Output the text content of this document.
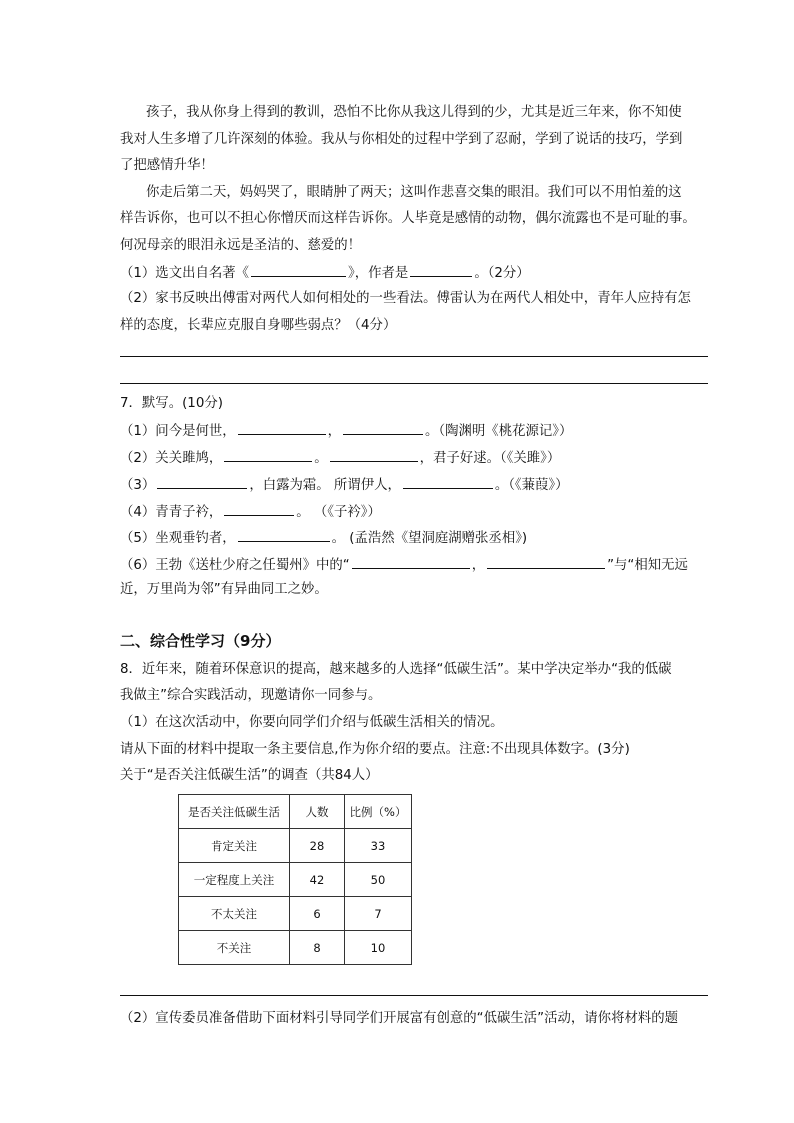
孩子，我从你身上得到的教训，恐怕不比你从我这儿得到的少，尤其是近三年来，你不知使
我对人生多增了几许深刻的体验。我从与你相处的过程中学到了忍耐，学到了说话的技巧，学到
了把感情升华！
你走后第二天，妈妈哭了，眼睛肿了两天；这叫作悲喜交集的眼泪。我们可以不用怕羞的这
样告诉你，也可以不担心你憎厌而这样告诉你。人毕竟是感情的动物，偶尔流露也不是可耻的事。
何况母亲的眼泪永远是圣洁的、慈爱的！
（1）选文出自名著《	》，作者是	。（2分）
（2）家书反映出傅雷对两代人如何相处的一些看法。傅雷认为在两代人相处中，青年人应持有怎
样的态度，长辈应克服自身哪些弱点？（4分）
7．默写。(10分)
（1）问今是何世，	，	。（陶渊明《桃花源记》）
（2）关关雎鸠，	。	，君子好逑。（《关雎》）
（3）	，白露为霜。 所谓伊人，	。（《蒹葭》）
（4）青青子衿，	。 （《子衿》）
（5）坐观垂钓者，	。 (孟浩然《望洞庭湖赠张丞相》)
（6）王勃《送杜少府之任蜀州》中的“	，	”与“相知无远
近，万里尚为邻”有异曲同工之妙。
二、综合性学习（9分）
8．近年来，随着环保意识的提高，越来越多的人选择“低碳生活”。某中学决定举办“我的低碳
我做主”综合实践活动，现邀请你一同参与。
（1）在这次活动中，你要向同学们介绍与低碳生活相关的情况。
请从下面的材料中提取一条主要信息,作为你介绍的要点。注意:不出现具体数字。(3分)
关于“是否关注低碳生活”的调查（共84人）
是否关注低碳生活	人数	比例（%）
肯定关注	28	33
一定程度上关注	42	50
不太关注	6	7
不关注	8	10
（2）宣传委员准备借助下面材料引导同学们开展富有创意的“低碳生活”活动，请你将材料的题
